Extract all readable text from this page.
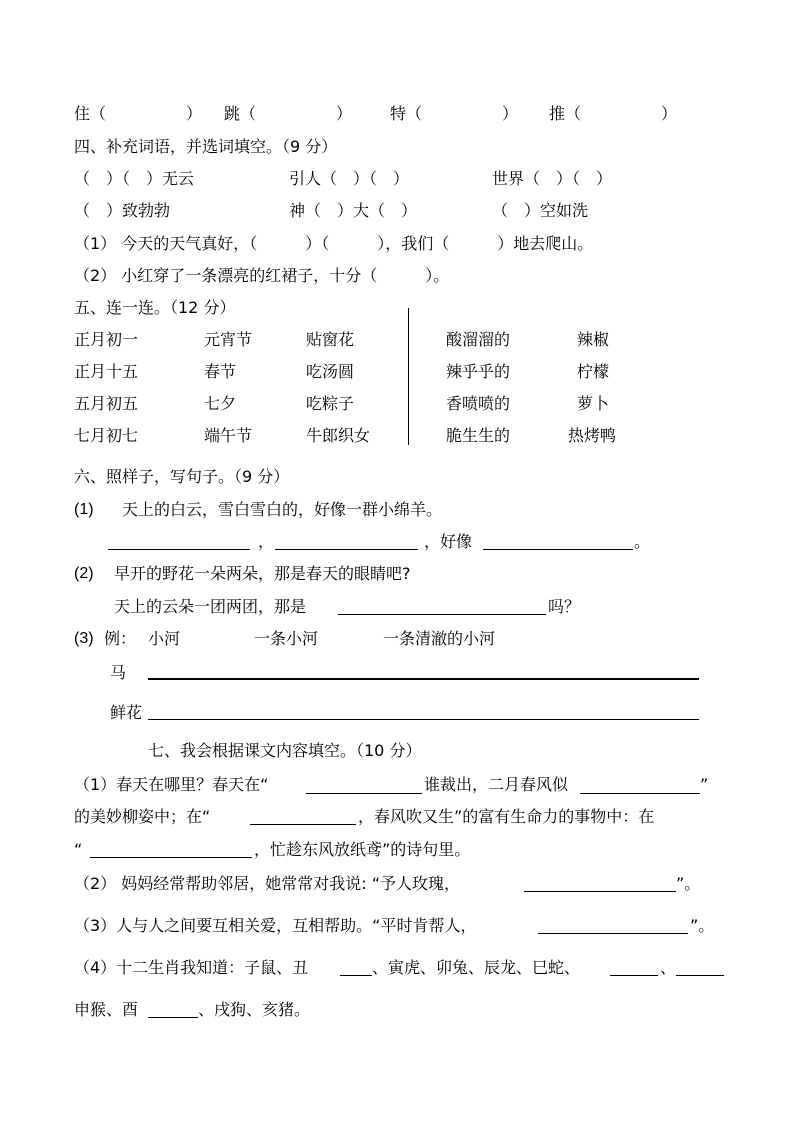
住（　　　　　） 跳（　　　　　） 特（　　　　　） 推（　　　　　）
四、补充词语，并选词填空。（9 分）
（　）（　）无云	引人（　）（　）	世界（　）（　）
（　）致勃勃	神（　）大（　）	（　）空如洗
（1） 今天的天气真好，（　　　）（　　　），我们（　　　）地去爬山。
（2） 小红穿了一条漂亮的红裙子，十分（　　　）。
五、连一连。（12 分）
正月初一	元宵节	贴窗花
正月十五	春节	吃汤圆
五月初五	七夕	吃粽子
七月初七	端午节	牛郎织女
酸溜溜的	辣椒
辣乎乎的	柠檬
香喷喷的	萝卜
脆生生的	热烤鸭
六、照样子，写句子。（9 分）
(1) 天上的白云，雪白雪白的，好像一群小绵羊。
，	，好像	。
(2) 早开的野花一朵两朵，那是春天的眼睛吧?
天上的云朵一团两团，那是	吗？
(3) 例： 小河	一条小河	一条清澈的小河
马
鲜花
七、我会根据课文内容填空。（10 分）
（1）春天在哪里？春天在“	谁裁出，二月春风似	”
的美妙柳姿中；在“	，春风吹又生”的富有生命力的事物中：在
“	，忙趁东风放纸鸢”的诗句里。
（2） 妈妈经常帮助邻居，她常常对我说: “予人玫瑰，	”。
（3）人与人之间要互相关爱，互相帮助。“平时肯帮人，	”。
（4）十二生肖我知道：子鼠、丑	、寅虎、卯兔、辰龙、巳蛇、	、
申猴、酉	、戌狗、亥猪。
